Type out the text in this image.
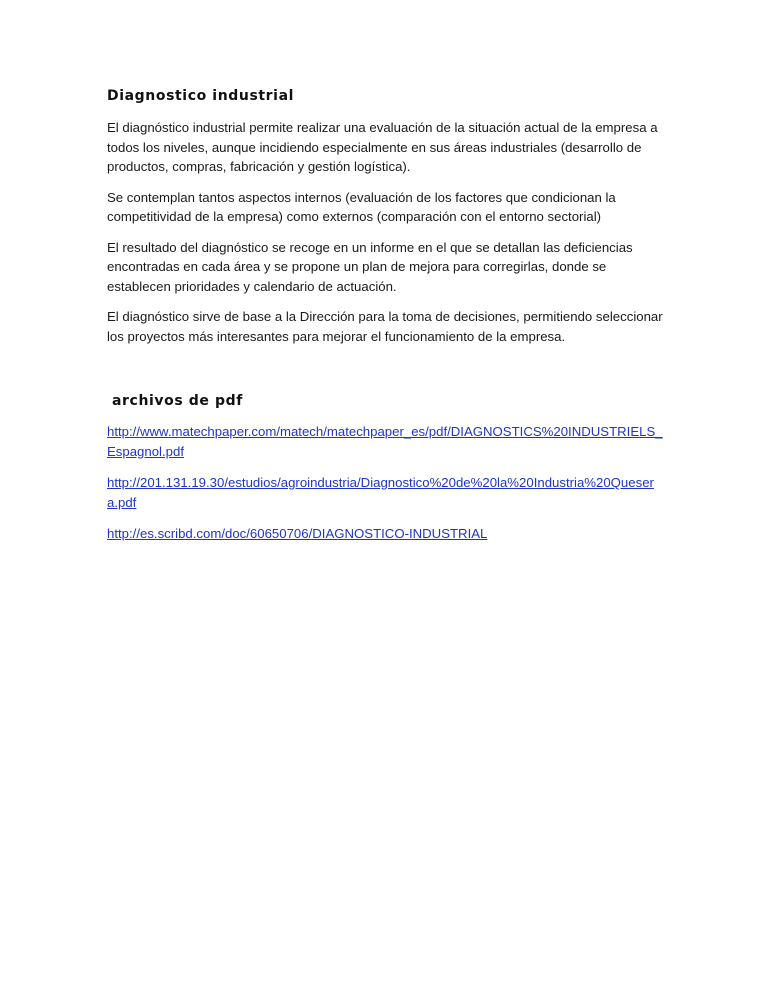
Diagnostico industrial

El diagnóstico industrial permite realizar una evaluación de la situación actual de la empresa a todos los niveles, aunque incidiendo especialmente en sus áreas industriales (desarrollo de productos, compras, fabricación y gestión logística).

Se contemplan tantos aspectos internos (evaluación de los factores que condicionan la competitividad de la empresa) como externos (comparación con el entorno sectorial)

El resultado del diagnóstico se recoge en un informe en el que se detallan las deficiencias encontradas en cada área y se propone un plan de mejora para corregirlas, donde se establecen prioridades y calendario de actuación.

El diagnóstico sirve de base a la Dirección para la toma de decisiones, permitiendo seleccionar los proyectos más interesantes para mejorar el funcionamiento de la empresa.

archivos de pdf
http://www.matechpaper.com/matech/matechpaper_es/pdf/DIAGNOSTICS%20INDUSTRIELS_Espagnol.pdf
http://201.131.19.30/estudios/agroindustria/Diagnostico%20de%20la%20Industria%20Quesera.pdf
http://es.scribd.com/doc/60650706/DIAGNOSTICO-INDUSTRIAL
